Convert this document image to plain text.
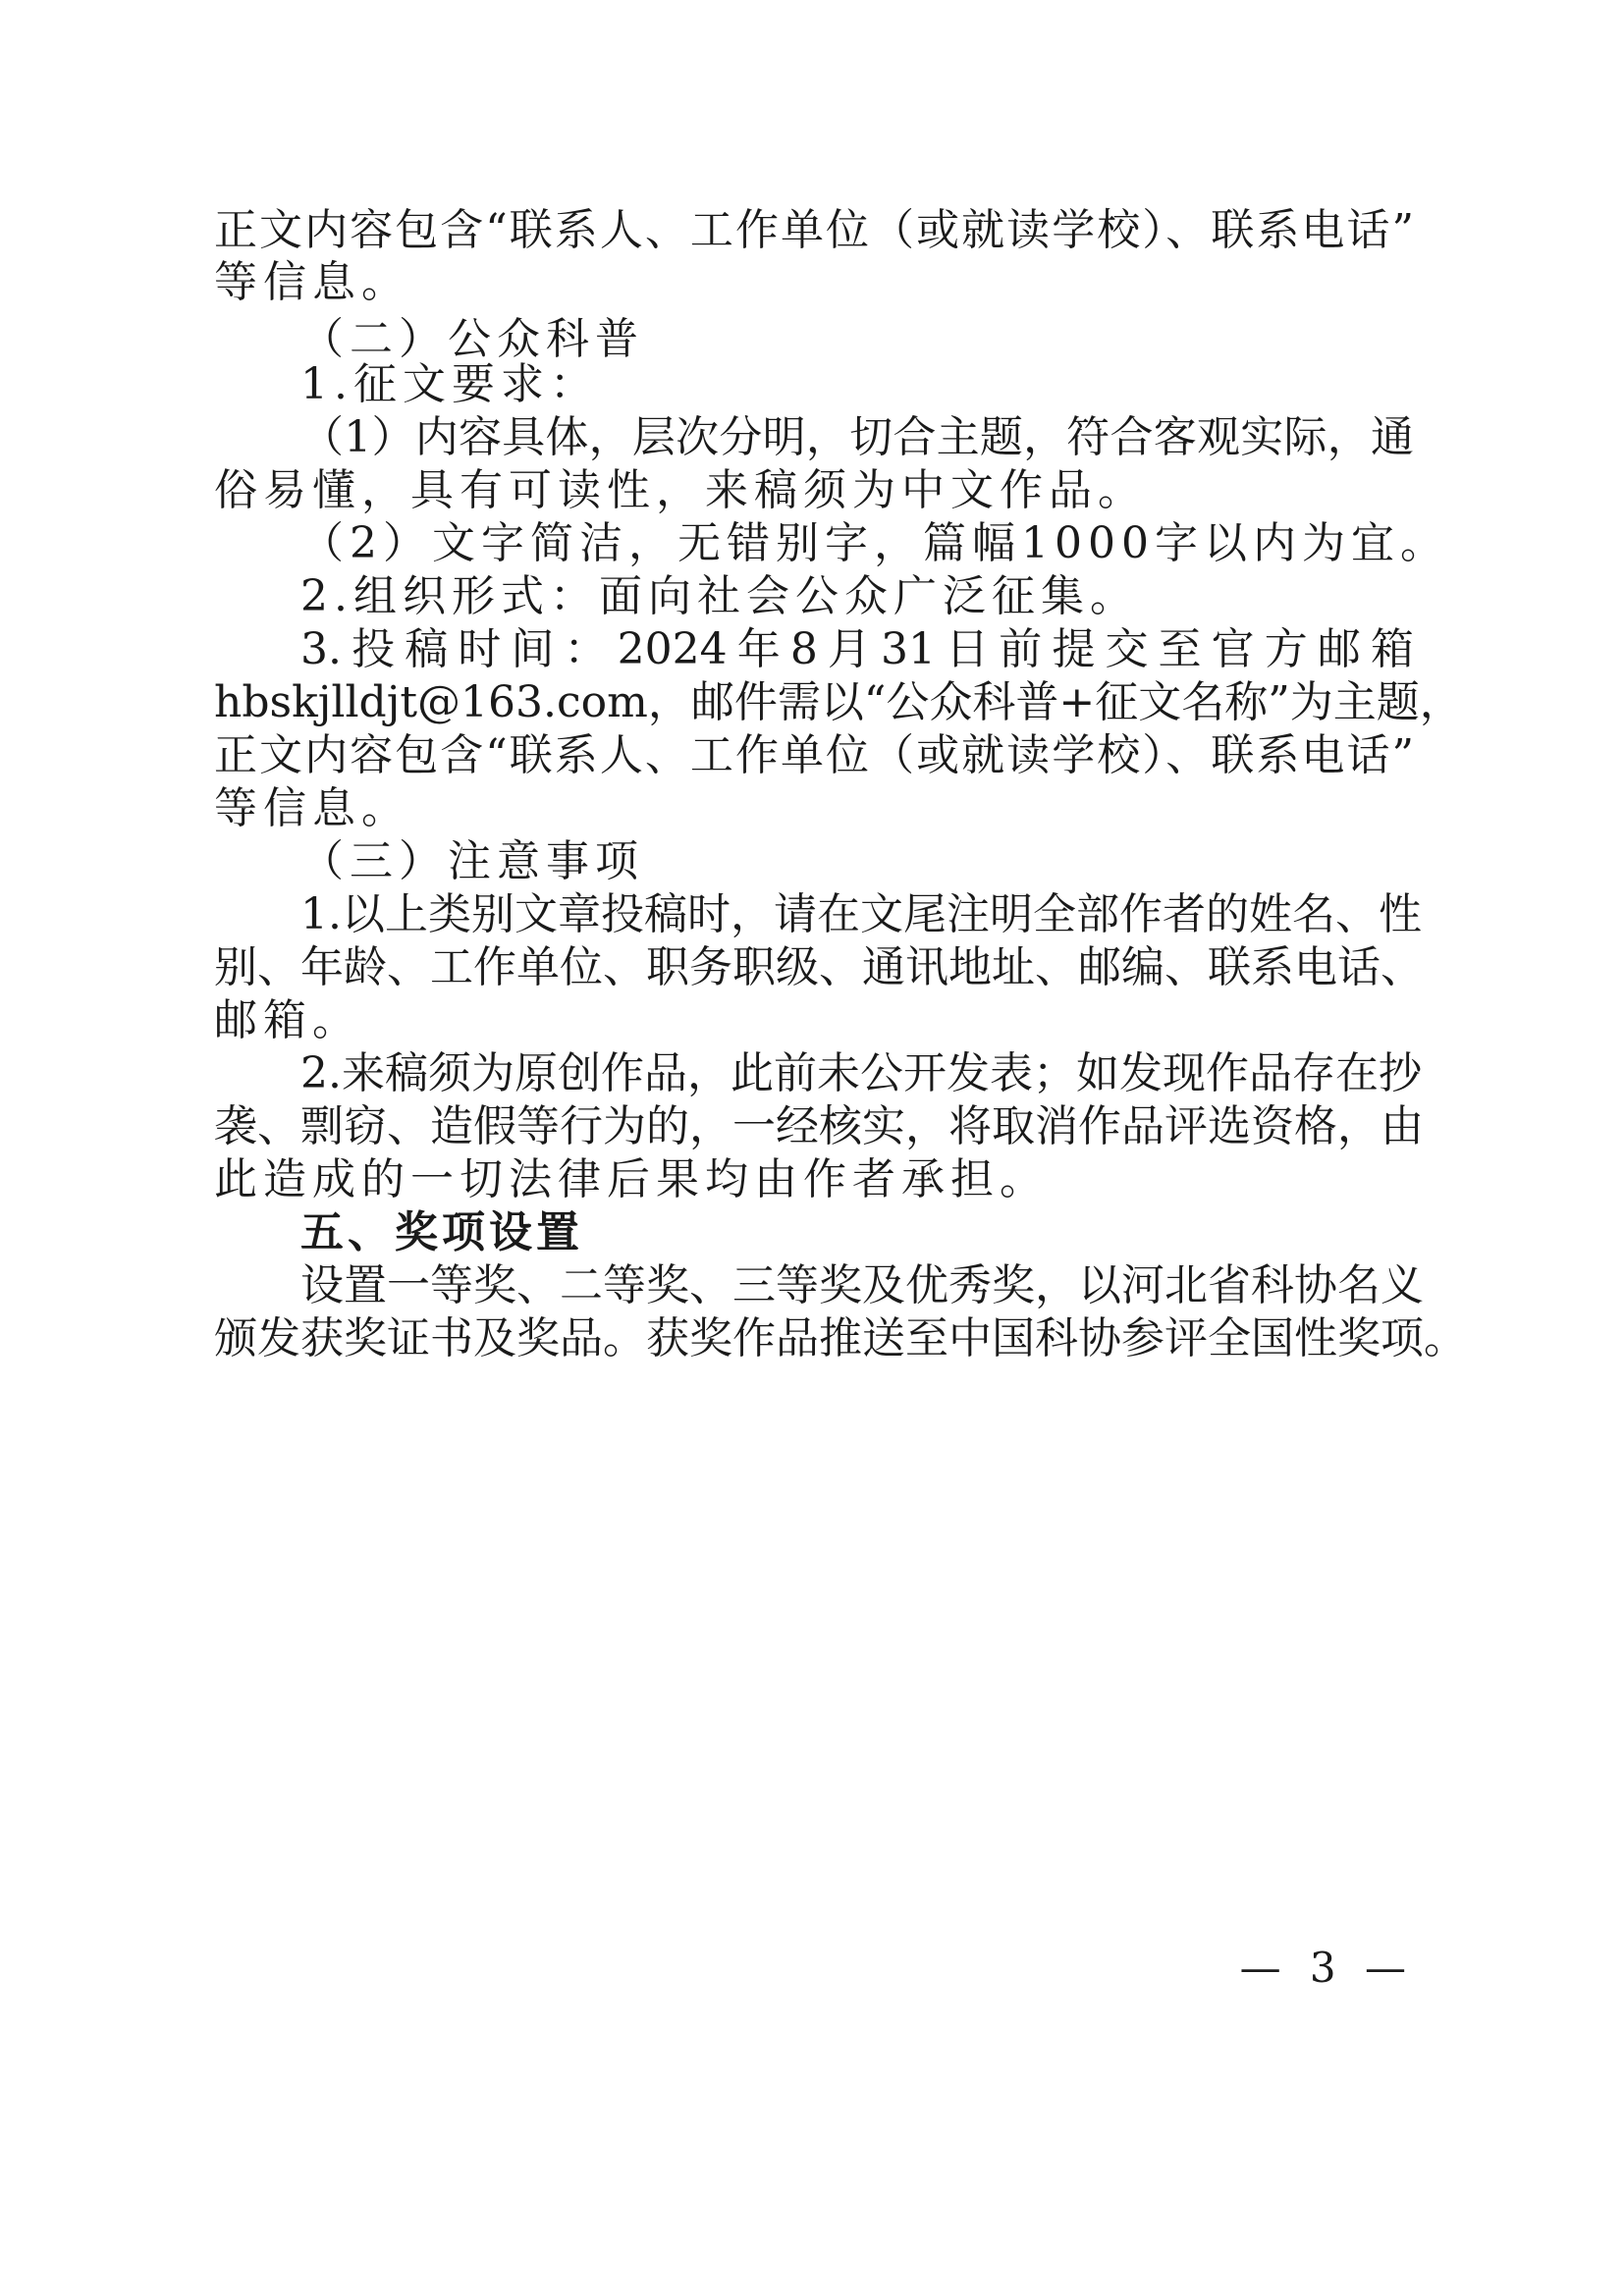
正文内容包含“联系人、工作单位（或就读学校）、联系电话”
等信息。
（二）公众科普
1.征文要求：
（1）内容具体，层次分明，切合主题，符合客观实际，通
俗易懂，具有可读性，来稿须为中文作品。
（2）文字简洁，无错别字，篇幅1000字以内为宜。
2.组织形式：面向社会公众广泛征集。
3.投稿时间：2024年8月31日前提交至官方邮箱
hbskjlldjt@163.com，邮件需以“公众科普+征文名称”为主题，
正文内容包含“联系人、工作单位（或就读学校）、联系电话”
等信息。
（三）注意事项
1.以上类别文章投稿时，请在文尾注明全部作者的姓名、性
别、年龄、工作单位、职务职级、通讯地址、邮编、联系电话、
邮箱。
2.来稿须为原创作品，此前未公开发表；如发现作品存在抄
袭、剽窃、造假等行为的，一经核实，将取消作品评选资格，由
此造成的一切法律后果均由作者承担。
五、奖项设置
设置一等奖、二等奖、三等奖及优秀奖，以河北省科协名义
颁发获奖证书及奖品。获奖作品推送至中国科协参评全国性奖项。
— 3 —
